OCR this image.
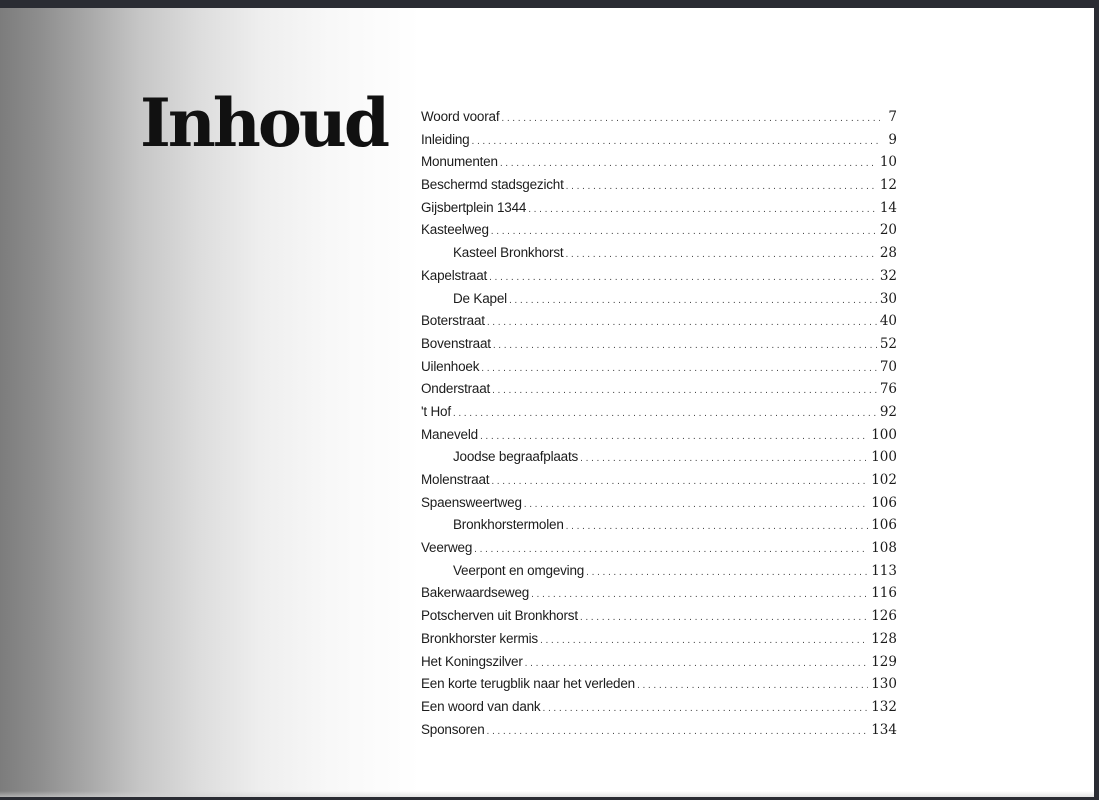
Inhoud	Woord vooraf .....	7
Inleiding .....	9
Monumenten .....	10
Beschermd stadsgezicht .....	12
Gijsbertplein 1344 .....	14
Kasteelweg .....	20
Kasteel Bronkhorst .....	28
Kapelstraat .....	32
De Kapel .....	30
Boterstraat .....	40
Bovenstraat .....	52
Uilenhoek .....	70
Onderstraat .....	76
't Hof .....	92
Maneveld .....	100
Joodse begraafplaats .....	100
Molenstraat .....	102
Spaensweertweg .....	106
Bronkhorstermolen .....	106
Veerweg .....	108
Veerpont en omgeving .....	113
Bakerwaardseweg .....	116
Potscherven uit Bronkhorst .....	126
Bronkhorster kermis .....	128
Het Koningszilver .....	129
Een korte terugblik naar het verleden .....	130
Een woord van dank .....	132
Sponsoren .....	134
